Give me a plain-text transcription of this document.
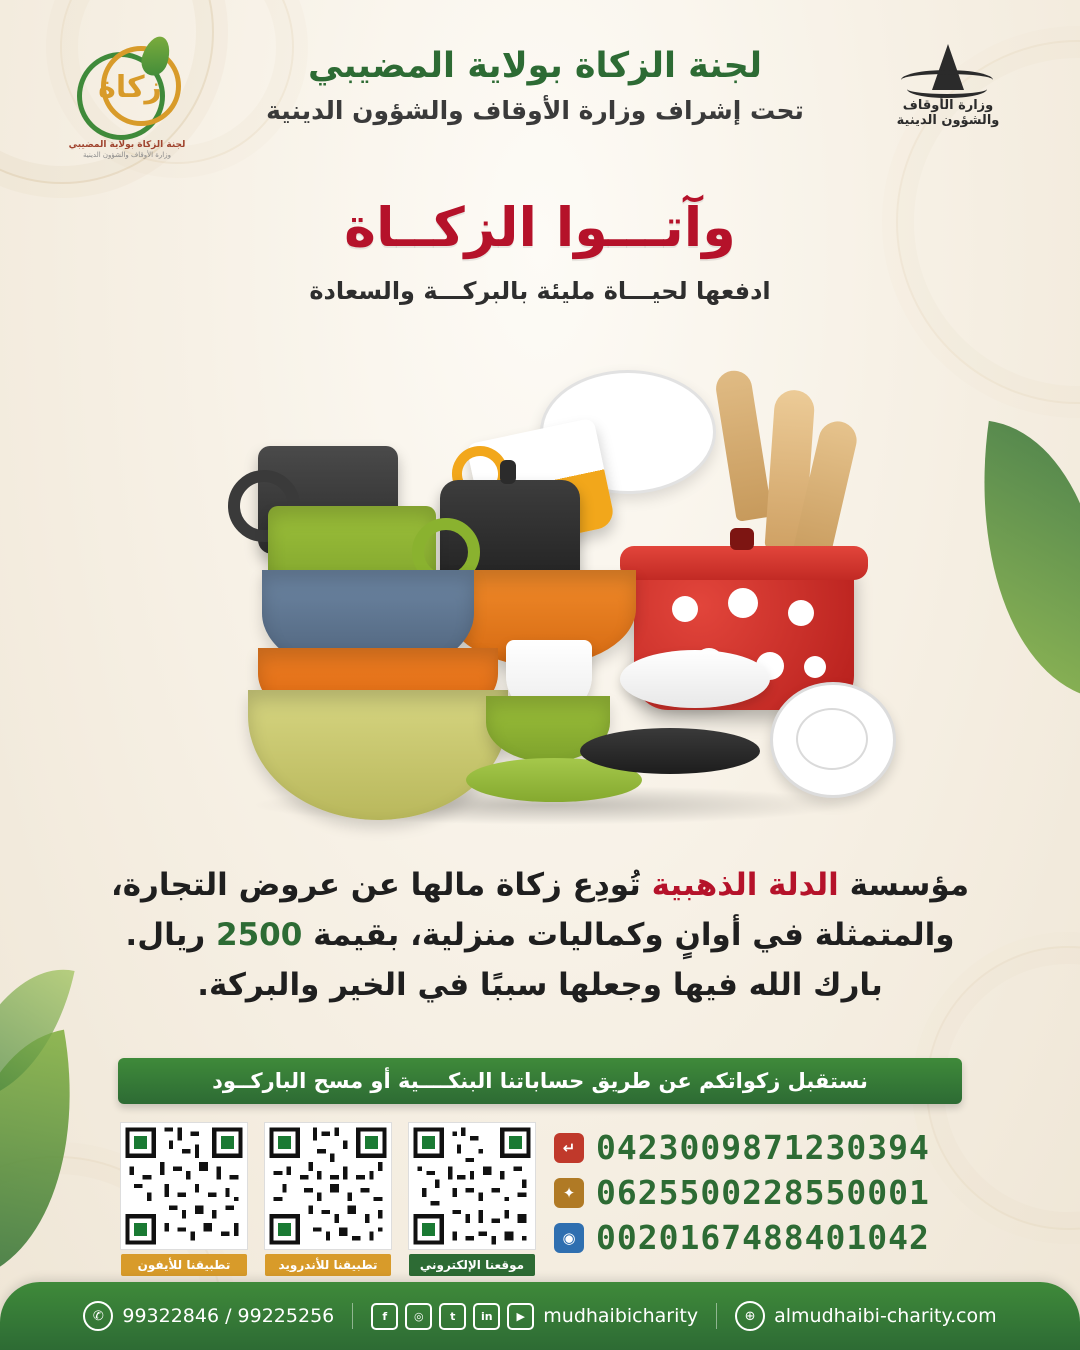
وزارة الأوقاف والشؤون الدينية
لجنة الزكاة بولاية المضيبي
تحت إشراف وزارة الأوقاف والشؤون الدينية
زكاة
لجنة الزكاة بولاية المضيبي
وزارة الأوقاف والشؤون الدينية
وآتـــوا الزكــاة
ادفعها لحيـــاة مليئة بالبركـــة والسعادة
مؤسسة الدلة الذهبية تُودِع زكاة مالها عن عروض التجارة،
والمتمثلة في أوانٍ وكماليات منزلية، بقيمة 2500 ريال.
بارك الله فيها وجعلها سببًا في الخير والبركة.
نستقبل زكواتكم عن طريق حساباتنا البنكــــية أو مسح الباركــود
موقعنا الإلكتروني
تطبيقنا للأندرويد
تطبيقنا للأيفون
0423009871230394
↵
0625500228550001
✦
0020167488401042
◉
⊕ almudhaibi-charity.com
f	◎	t	in	▶ mudhaibicharity
✆ 99322846 / 99225256
